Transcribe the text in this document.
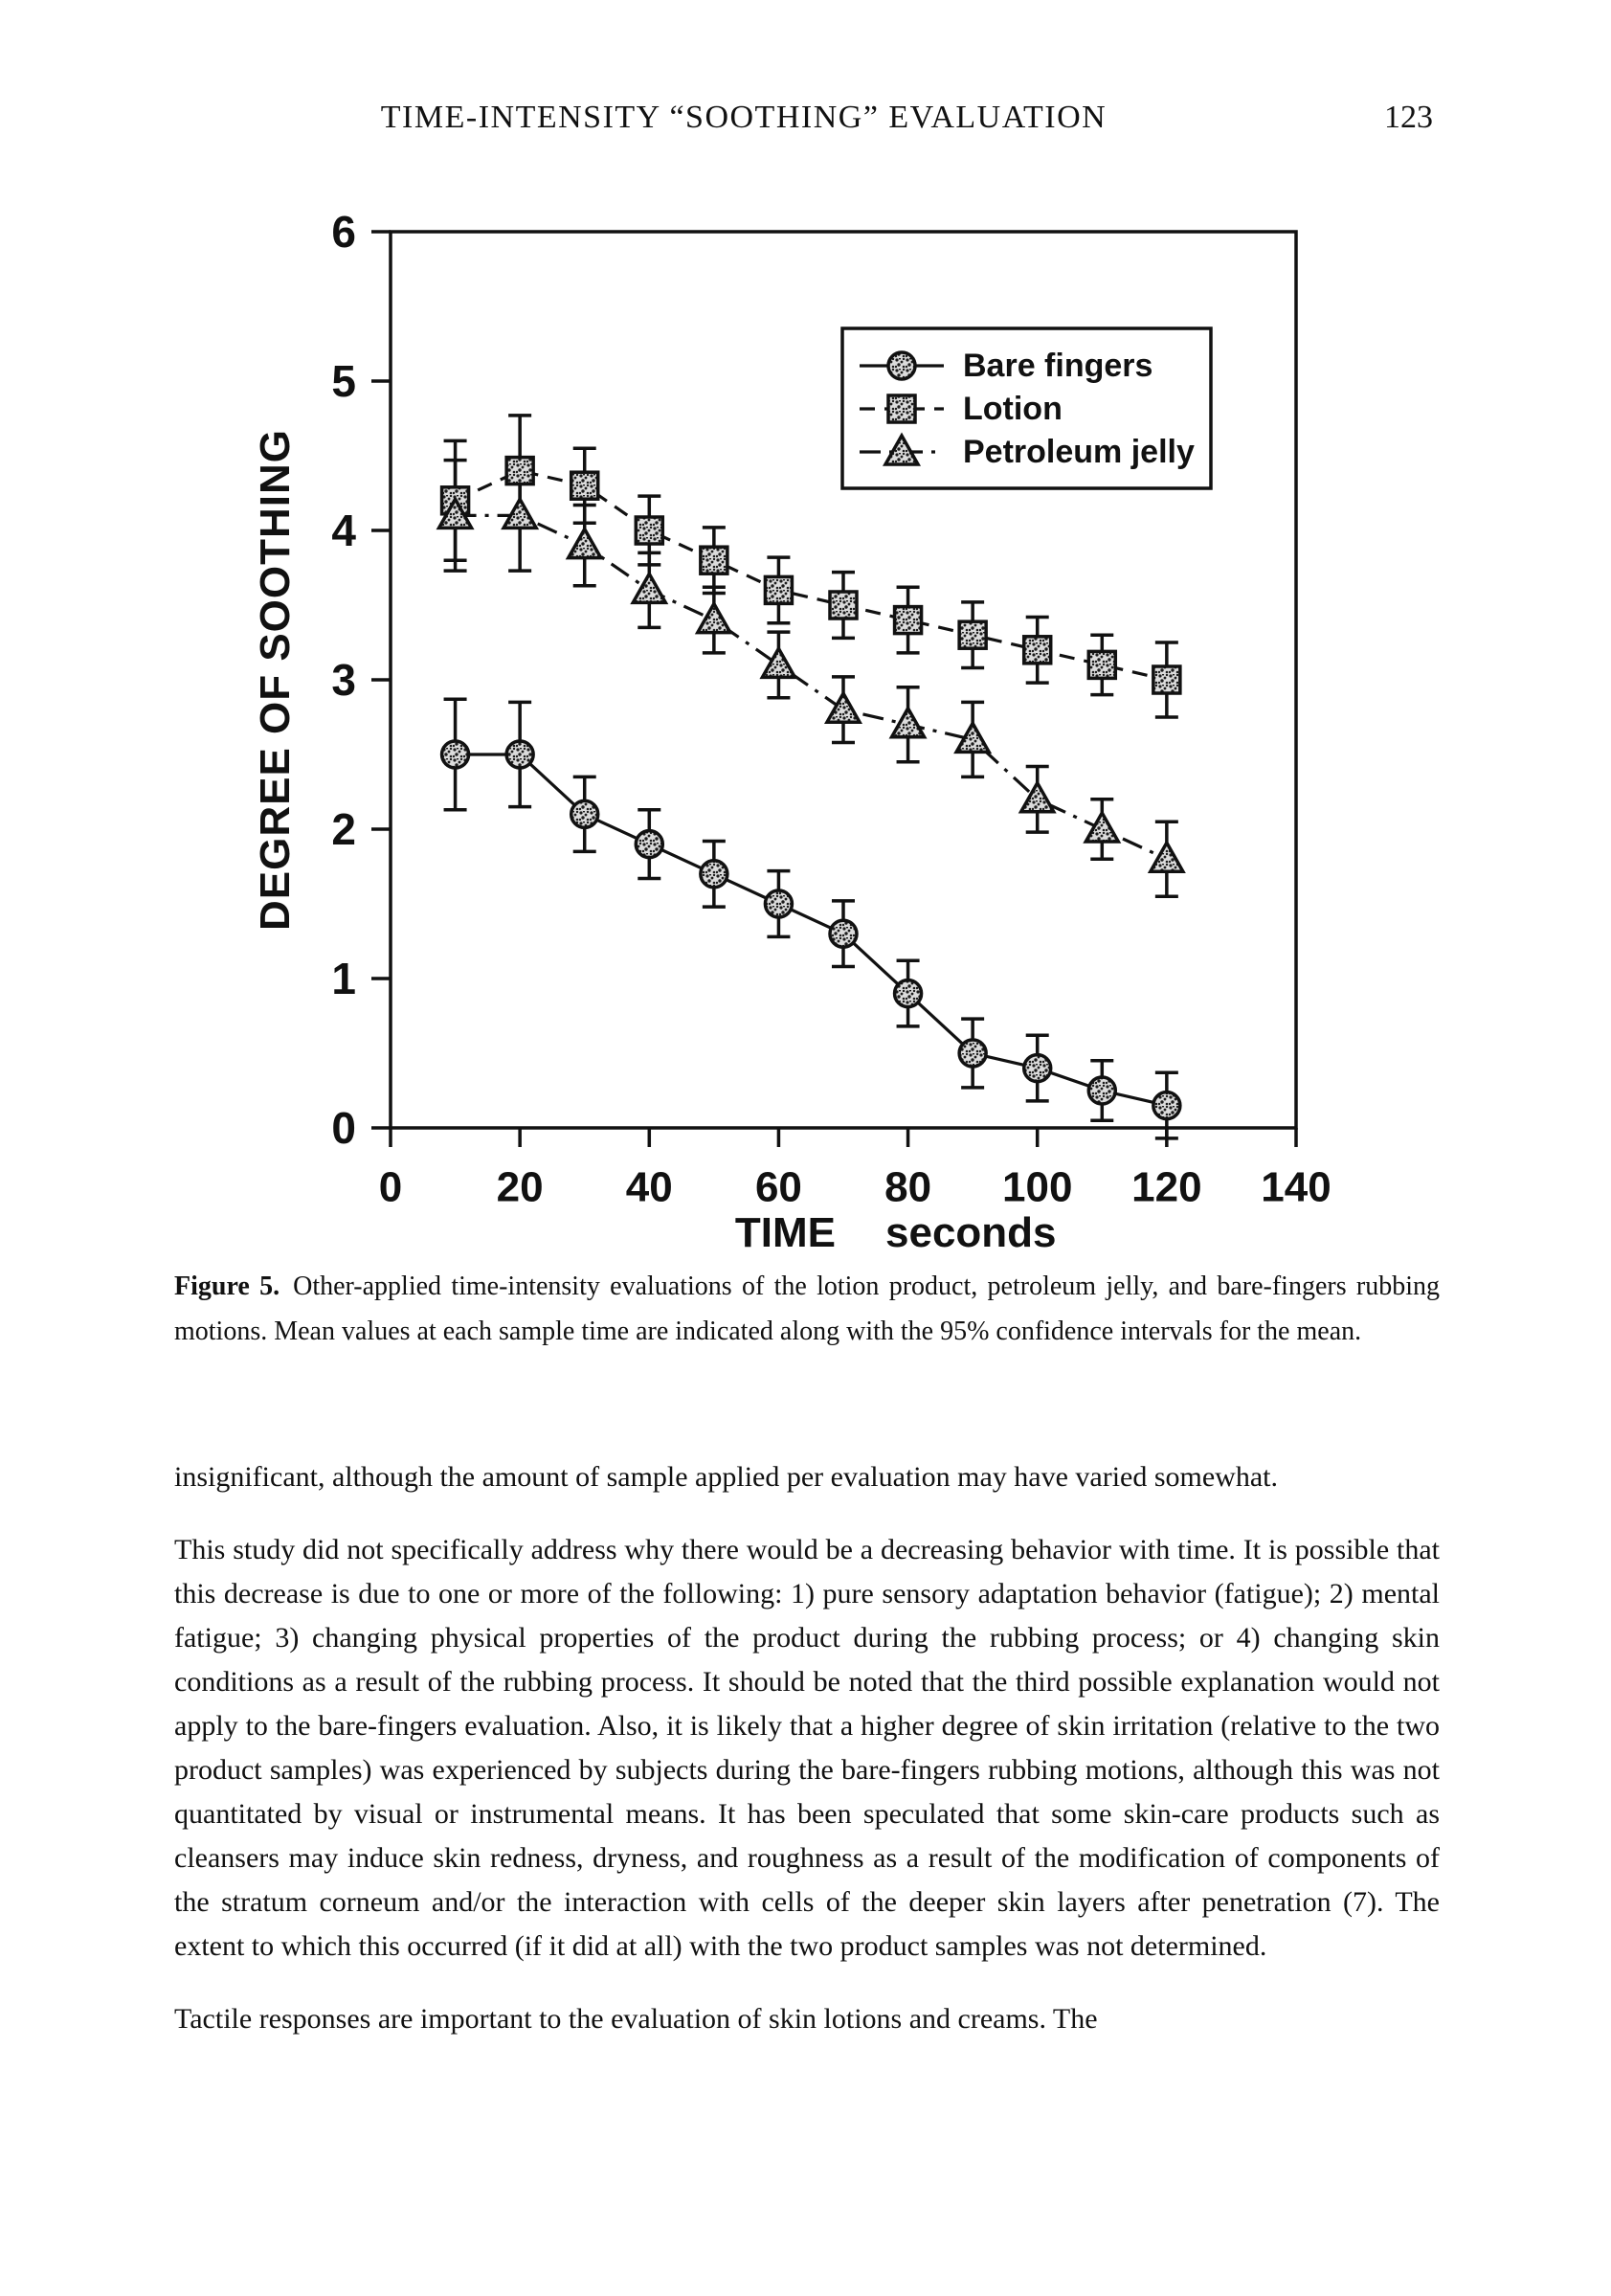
TIME-INTENSITY “SOOTHING” EVALUATION	123
0
1
2
3
4
5
6
0 20 40 60 80 100 120 140
DEGREE OF SOOTHING
TIME seconds
Bare fingers
Lotion
Petroleum jelly
Figure 5. Other-applied time-intensity evaluations of the lotion product, petroleum jelly, and bare-fingers rubbing motions. Mean values at each sample time are indicated along with the 95% confidence intervals for the mean.

insignificant, although the amount of sample applied per evaluation may have varied somewhat.

This study did not specifically address why there would be a decreasing behavior with time. It is possible that this decrease is due to one or more of the following: 1) pure sensory adaptation behavior (fatigue); 2) mental fatigue; 3) changing physical properties of the product during the rubbing process; or 4) changing skin conditions as a result of the rubbing process. It should be noted that the third possible explanation would not apply to the bare-fingers evaluation. Also, it is likely that a higher degree of skin irritation (relative to the two product samples) was experienced by subjects during the bare-fingers rubbing motions, although this was not quantitated by visual or instrumental means. It has been speculated that some skin-care products such as cleansers may induce skin redness, dryness, and roughness as a result of the modification of components of the stratum corneum and/or the interaction with cells of the deeper skin layers after penetration (7). The extent to which this occurred (if it did at all) with the two product samples was not determined.

Tactile responses are important to the evaluation of skin lotions and creams. The
